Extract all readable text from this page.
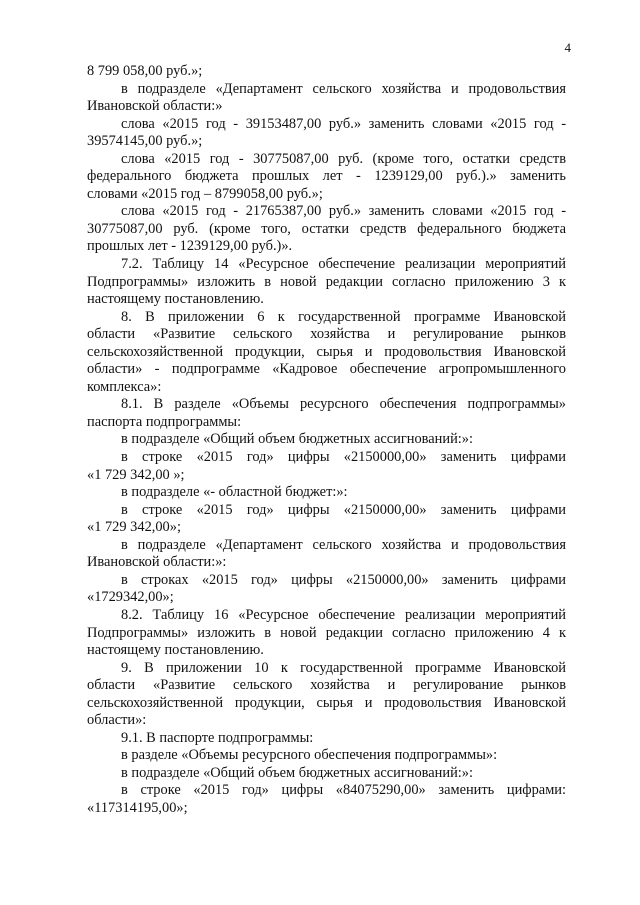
4
8 799 058,00 руб.»;
в подразделе «Департамент сельского хозяйства и продовольствия
Ивановской области:»
слова «2015 год - 39153487,00 руб.» заменить словами «2015 год -
39574145,00 руб.»;
слова «2015 год - 30775087,00 руб. (кроме того, остатки средств
федерального бюджета прошлых лет - 1239129,00 руб.).» заменить
словами «2015 год – 8799058,00 руб.»;
слова «2015 год - 21765387,00 руб.» заменить словами «2015 год -
30775087,00 руб. (кроме того, остатки средств федерального бюджета
прошлых лет - 1239129,00 руб.)».
7.2. Таблицу 14 «Ресурсное обеспечение реализации мероприятий
Подпрограммы» изложить в новой редакции согласно приложению 3 к
настоящему постановлению.
8. В приложении 6 к государственной программе Ивановской
области «Развитие сельского хозяйства и регулирование рынков
сельскохозяйственной продукции, сырья и продовольствия Ивановской
области» - подпрограмме «Кадровое обеспечение агропромышленного
комплекса»:
8.1. В разделе «Объемы ресурсного обеспечения подпрограммы»
паспорта подпрограммы:
в подразделе «Общий объем бюджетных ассигнований:»:
в строке «2015 год» цифры «2150000,00» заменить цифрами
«1 729 342,00 »;
в подразделе «- областной бюджет:»:
в строке «2015 год» цифры «2150000,00» заменить цифрами
«1 729 342,00»;
в подразделе «Департамент сельского хозяйства и продовольствия
Ивановской области:»:
в строках «2015 год» цифры «2150000,00» заменить цифрами
«1729342,00»;
8.2. Таблицу 16 «Ресурсное обеспечение реализации мероприятий
Подпрограммы» изложить в новой редакции согласно приложению 4 к
настоящему постановлению.
9. В приложении 10 к государственной программе Ивановской
области «Развитие сельского хозяйства и регулирование рынков
сельскохозяйственной продукции, сырья и продовольствия Ивановской
области»:
9.1. В паспорте подпрограммы:
в разделе «Объемы ресурсного обеспечения подпрограммы»:
в подразделе «Общий объем бюджетных ассигнований:»:
в строке «2015 год» цифры «84075290,00» заменить цифрами:
«117314195,00»;
